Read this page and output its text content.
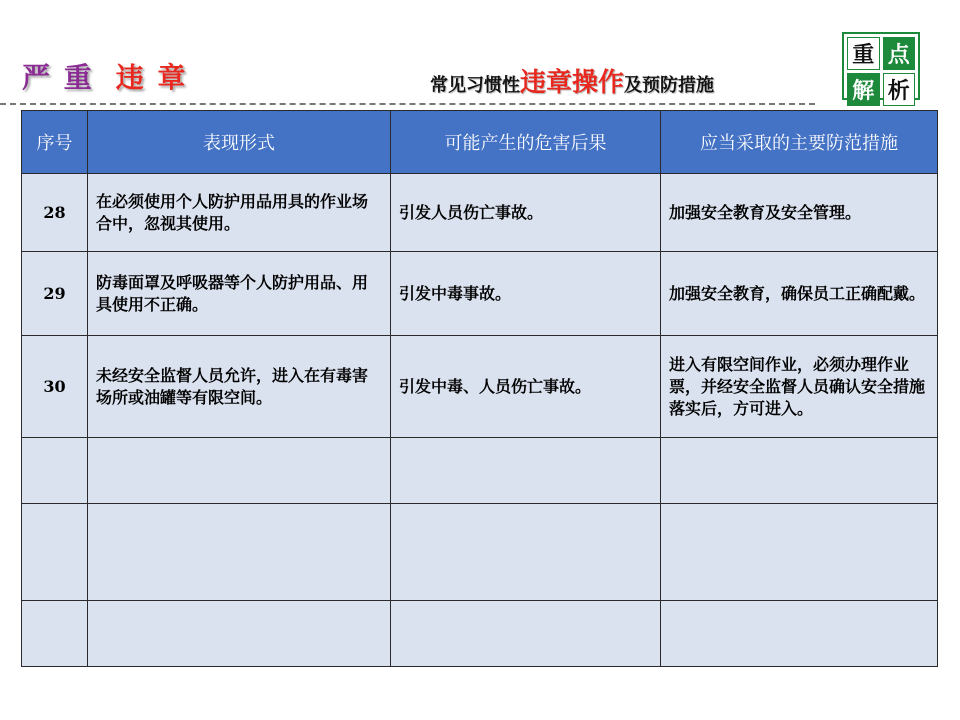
严 重 违 章	常见习惯性违章操作及预防措施
重 点
解 析
序号	表现形式	可能产生的危害后果	应当采取的主要防范措施
28	在必须使用个人防护用品用具的作业场合中，忽视其使用。	引发人员伤亡事故。	加强安全教育及安全管理。
29	防毒面罩及呼吸器等个人防护用品、用具使用不正确。	引发中毒事故。	加强安全教育，确保员工正确配戴。
30	未经安全监督人员允许，进入在有毒害场所或油罐等有限空间。	引发中毒、人员伤亡事故。	进入有限空间作业，必须办理作业票，并经安全监督人员确认安全措施落实后，方可进入。
